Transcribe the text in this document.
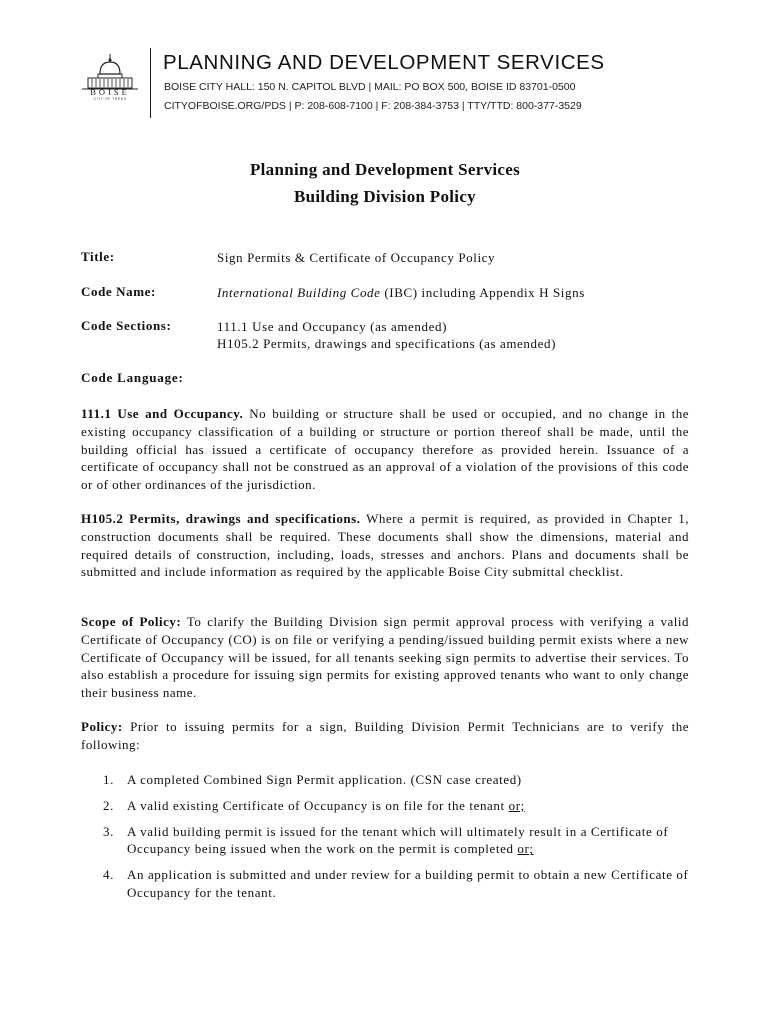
BOISE
CITY OF TREES
PLANNING AND DEVELOPMENT SERVICES
BOISE CITY HALL: 150 N. CAPITOL BLVD | MAIL: PO BOX 500, BOISE ID 83701-0500
CITYOFBOISE.ORG/PDS | P: 208-608-7100 | F: 208-384-3753 | TTY/TTD: 800-377-3529
Planning and Development Services
Building Division Policy
Title:	Sign Permits & Certificate of Occupancy Policy
Code Name:	International Building Code (IBC) including Appendix H Signs
Code Sections:	111.1 Use and Occupancy (as amended)
H105.2 Permits, drawings and specifications (as amended)
Code Language:

111.1 Use and Occupancy. No building or structure shall be used or occupied, and no change in the existing occupancy classification of a building or structure or portion thereof shall be made, until the building official has issued a certificate of occupancy therefore as provided herein. Issuance of a certificate of occupancy shall not be construed as an approval of a violation of the provisions of this code or of other ordinances of the jurisdiction.

H105.2 Permits, drawings and specifications. Where a permit is required, as provided in Chapter 1, construction documents shall be required. These documents shall show the dimensions, material and required details of construction, including, loads, stresses and anchors. Plans and documents shall be submitted and include information as required by the applicable Boise City submittal checklist.

Scope of Policy: To clarify the Building Division sign permit approval process with verifying a valid Certificate of Occupancy (CO) is on file or verifying a pending/issued building permit exists where a new Certificate of Occupancy will be issued, for all tenants seeking sign permits to advertise their services. To also establish a procedure for issuing sign permits for existing approved tenants who want to only change their business name.

Policy: Prior to issuing permits for a sign, Building Division Permit Technicians are to verify the following:

1. A completed Combined Sign Permit application. (CSN case created)
2. A valid existing Certificate of Occupancy is on file for the tenant or;
3. A valid building permit is issued for the tenant which will ultimately result in a Certificate of Occupancy being issued when the work on the permit is completed or;
4. An application is submitted and under review for a building permit to obtain a new Certificate of Occupancy for the tenant.
